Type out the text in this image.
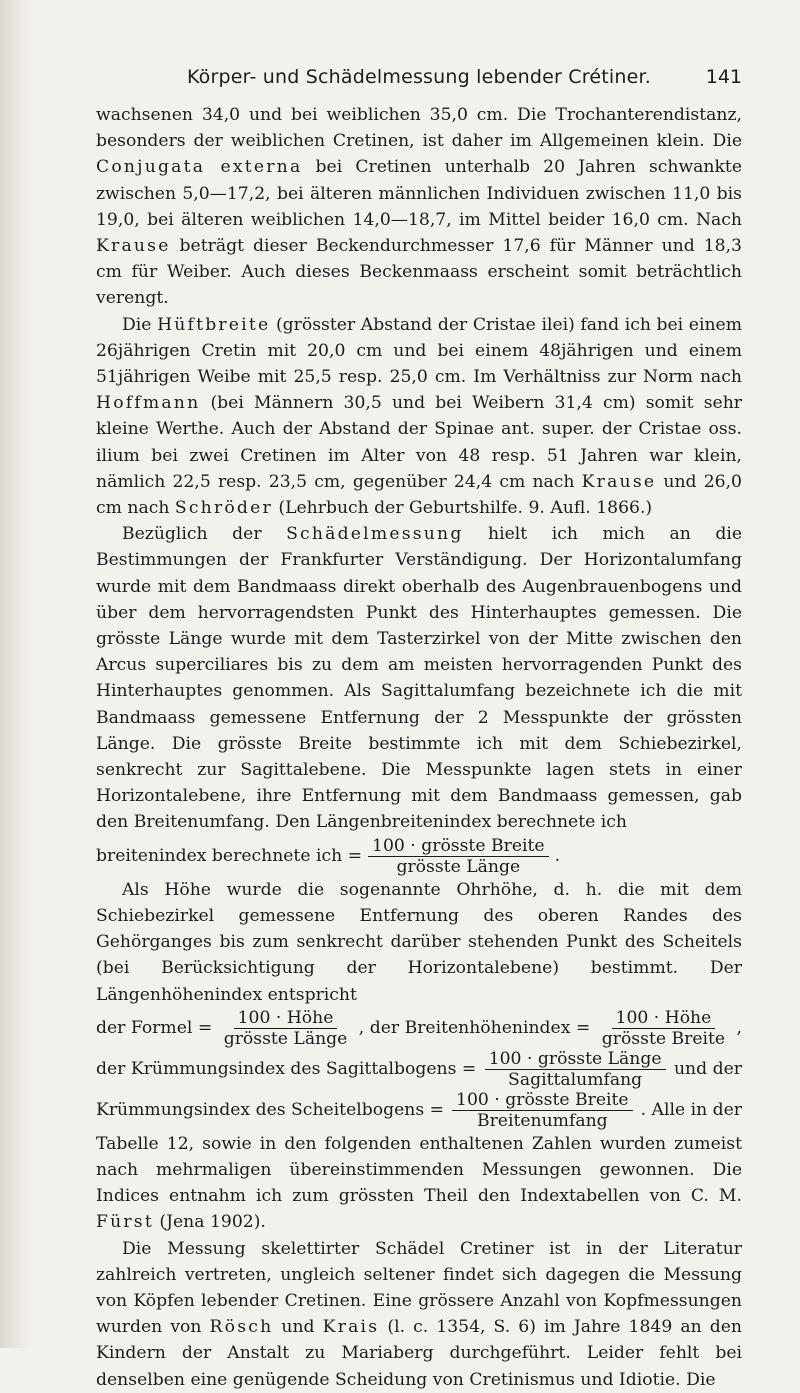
Körper- und Schädelmessung lebender Crétiner.	141

wachsenen 34,0 und bei weiblichen 35,0 cm. Die Trochanterendistanz, besonders der weiblichen Cretinen, ist daher im Allgemeinen klein. Die Conjugata externa bei Cretinen unterhalb 20 Jahren schwankte zwischen 5,0—17,2, bei älteren männlichen Individuen zwischen 11,0 bis 19,0, bei älteren weiblichen 14,0—18,7, im Mittel beider 16,0 cm. Nach Krause beträgt dieser Beckendurchmesser 17,6 für Männer und 18,3 cm für Weiber. Auch dieses Beckenmaass erscheint somit beträchtlich verengt.

Die Hüftbreite (grösster Abstand der Cristae ilei) fand ich bei einem 26jährigen Cretin mit 20,0 cm und bei einem 48jährigen und einem 51jährigen Weibe mit 25,5 resp. 25,0 cm. Im Verhältniss zur Norm nach Hoffmann (bei Männern 30,5 und bei Weibern 31,4 cm) somit sehr kleine Werthe. Auch der Abstand der Spinae ant. super. der Cristae oss. ilium bei zwei Cretinen im Alter von 48 resp. 51 Jahren war klein, nämlich 22,5 resp. 23,5 cm, gegenüber 24,4 cm nach Krause und 26,0 cm nach Schröder (Lehrbuch der Geburtshilfe. 9. Aufl. 1866.)

Bezüglich der Schädelmessung hielt ich mich an die Bestimmungen der Frankfurter Verständigung. Der Horizontalumfang wurde mit dem Bandmaass direkt oberhalb des Augenbrauenbogens und über dem hervorragendsten Punkt des Hinterhauptes gemessen. Die grösste Länge wurde mit dem Tasterzirkel von der Mitte zwischen den Arcus superciliares bis zu dem am meisten hervorragenden Punkt des Hinterhauptes genommen. Als Sagittalumfang bezeichnete ich die mit Bandmaass gemessene Entfernung der 2 Messpunkte der grössten Länge. Die grösste Breite bestimmte ich mit dem Schiebezirkel, senkrecht zur Sagittalebene. Die Messpunkte lagen stets in einer Horizontalebene, ihre Entfernung mit dem Bandmaass gemessen, gab den Breitenumfang. Den Längenbreitenindex berechnete ich

breitenindex berechnete ich = $\frac{\text{100 · grösste Breite}}{\text{grösste Länge}}$ .

Als Höhe wurde die sogenannte Ohrhöhe, d. h. die mit dem Schiebezirkel gemessene Entfernung des oberen Randes des Gehörganges bis zum senkrecht darüber stehenden Punkt des Scheitels (bei Berücksichtigung der Horizontalebene) bestimmt. Der Längenhöhenindex entspricht

der Formel = $\frac{\text{100 · Höhe}}{\text{grösste Länge}}$ , der Breitenhöhenindex = $\frac{\text{100 · Höhe}}{\text{grösste Breite}}$ ,
der Krümmungsindex des Sagittalbogens = $\frac{\text{100 · grösste Länge}}{\text{Sagittalumfang}}$ und der
Krümmungsindex des Scheitelbogens = $\frac{\text{100 · grösste Breite}}{\text{Breitenumfang}}$ . Alle in der

Tabelle 12, sowie in den folgenden enthaltenen Zahlen wurden zumeist nach mehrmaligen übereinstimmenden Messungen gewonnen. Die Indices entnahm ich zum grössten Theil den Indextabellen von C. M. Fürst (Jena 1902).

Die Messung skelettirter Schädel Cretiner ist in der Literatur zahlreich vertreten, ungleich seltener findet sich dagegen die Messung von Köpfen lebender Cretinen. Eine grössere Anzahl von Kopfmessungen wurden von Rösch und Krais (l. c. 1354, S. 6) im Jahre 1849 an den Kindern der Anstalt zu Mariaberg durchgeführt. Leider fehlt bei denselben eine genügende Scheidung von Cretinismus und Idiotie. Die
